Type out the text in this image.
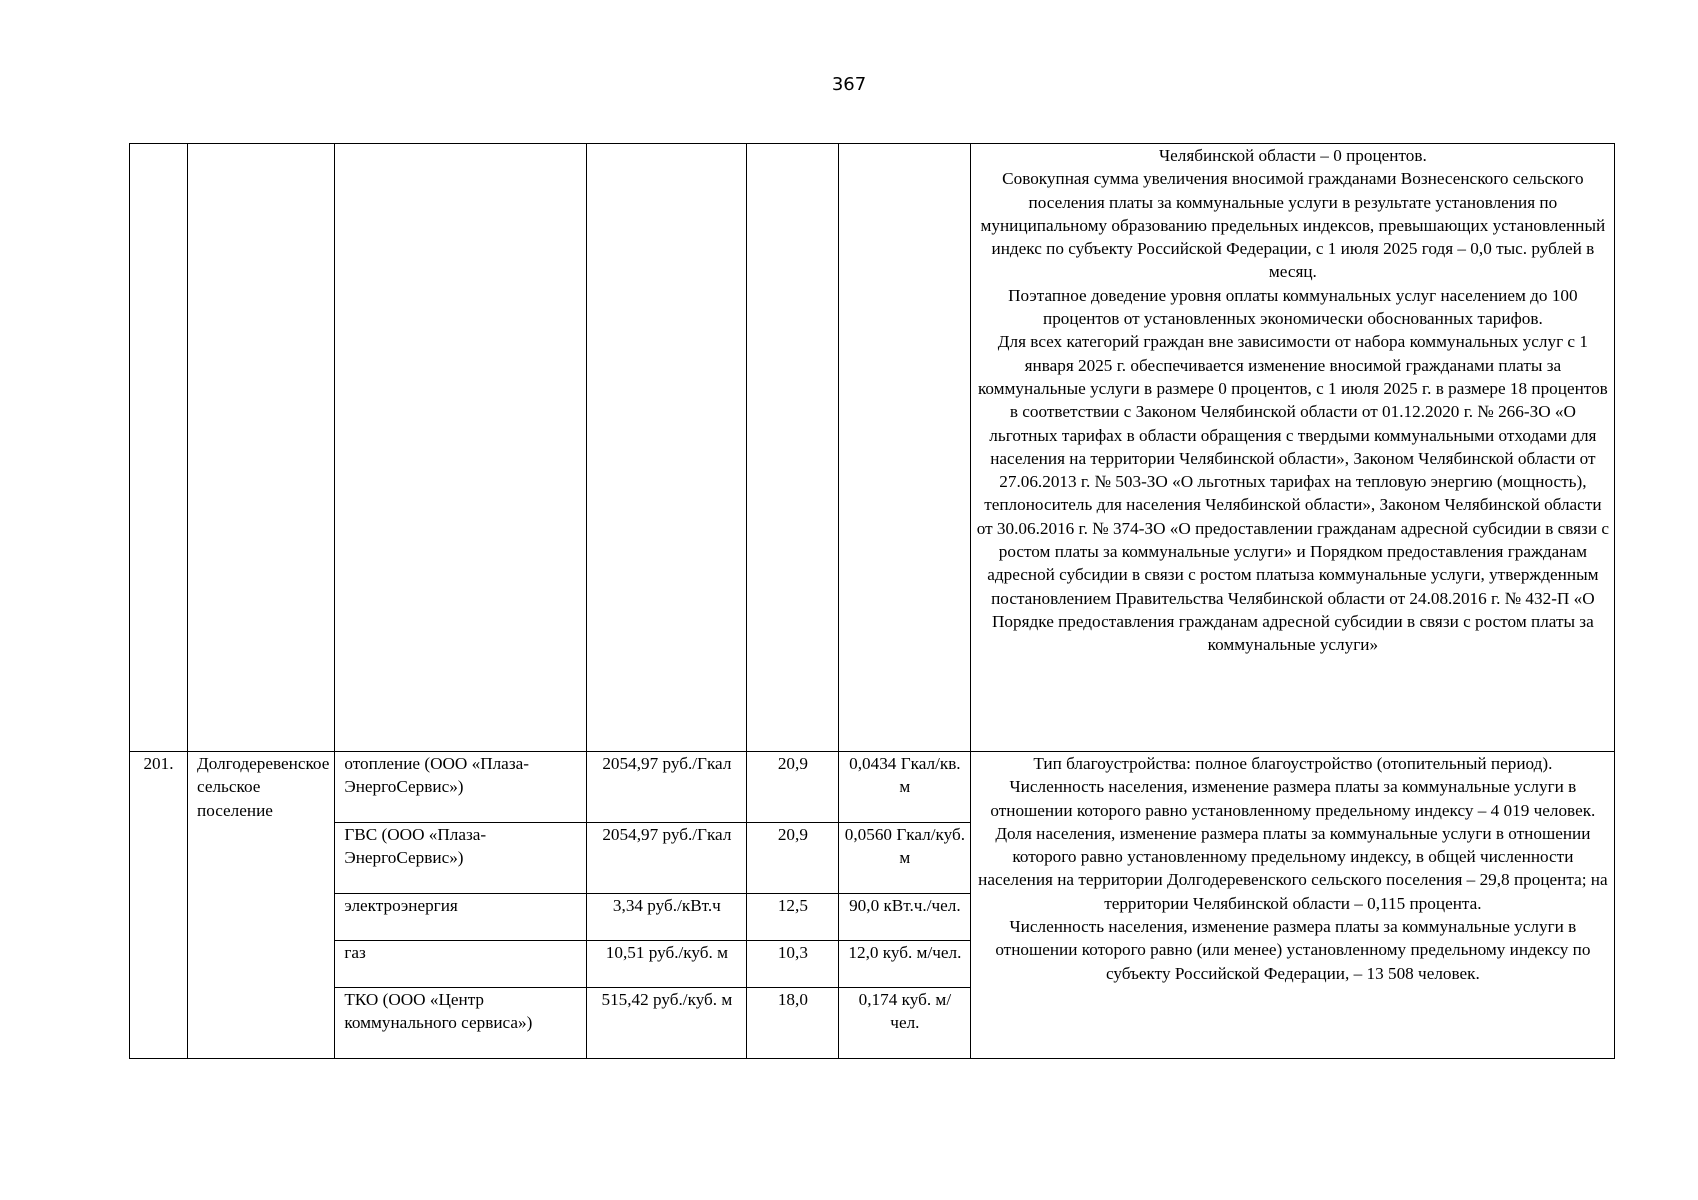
367

						Челябинской области – 0 процентов.
Совокупная сумма увеличения вносимой гражданами Вознесенского сельского поселения платы за коммунальные услуги в результате установления по муниципальному образованию предельных индексов, превышающих установленный индекс по субъекту Российской Федерации, с 1 июля 2025 годя – 0,0 тыс. рублей в месяц.
Поэтапное доведение уровня оплаты коммунальных услуг населением до 100 процентов от установленных экономически обоснованных тарифов.
Для всех категорий граждан вне зависимости от набора коммунальных услуг с 1 января 2025 г. обеспечивается изменение вносимой гражданами платы за коммунальные услуги в размере 0 процентов, с 1 июля 2025 г. в размере 18 процентов в соответствии с Законом Челябинской области от 01.12.2020 г. № 266-ЗО «О льготных тарифах в области обращения с твердыми коммунальными отходами для населения на территории Челябинской области», Законом Челябинской области от 27.06.2013 г. № 503-ЗО «О льготных тарифах на тепловую энергию (мощность), теплоноситель для населения Челябинской области», Законом Челябинской области от 30.06.2016 г. № 374-ЗО «О предоставлении гражданам адресной субсидии в связи с ростом платы за коммунальные услуги» и Порядком предоставления гражданам адресной субсидии в связи с ростом платыза коммунальные услуги, утвержденным постановлением Правительства Челябинской области от 24.08.2016 г. № 432-П «О Порядке предоставления гражданам адресной субсидии в связи с ростом платы за коммунальные услуги»

201.	Долгодеревенское сельское поселение	отопление (ООО «Плаза-ЭнергоСервис»)	2054,97 руб./Гкал	20,9	0,0434 Гкал/кв. м	Тип благоустройства: полное благоустройство (отопительный период).
Численность населения, изменение размера платы за коммунальные услуги в отношении которого равно установленному предельному индексу – 4 019 человек.
Доля населения, изменение размера платы за коммунальные услуги в отношении которого равно установленному предельному индексу, в общей численности населения на территории Долгодеревенского сельского поселения – 29,8 процента; на территории Челябинской области – 0,115 процента.
Численность населения, изменение размера платы за коммунальные услуги в отношении которого равно (или менее) установленному предельному индексу по субъекту Российской Федерации, – 13 508 человек.

		ГВС (ООО «Плаза-ЭнергоСервис»)	2054,97 руб./Гкал	20,9	0,0560 Гкал/куб. м	
		электроэнергия	3,34 руб./кВт.ч	12,5	90,0 кВт.ч./чел.	
		газ	10,51 руб./куб. м	10,3	12,0 куб. м/чел.	
		ТКО (ООО «Центр коммунального сервиса»)	515,42 руб./куб. м	18,0	0,174 куб. м/чел.	
